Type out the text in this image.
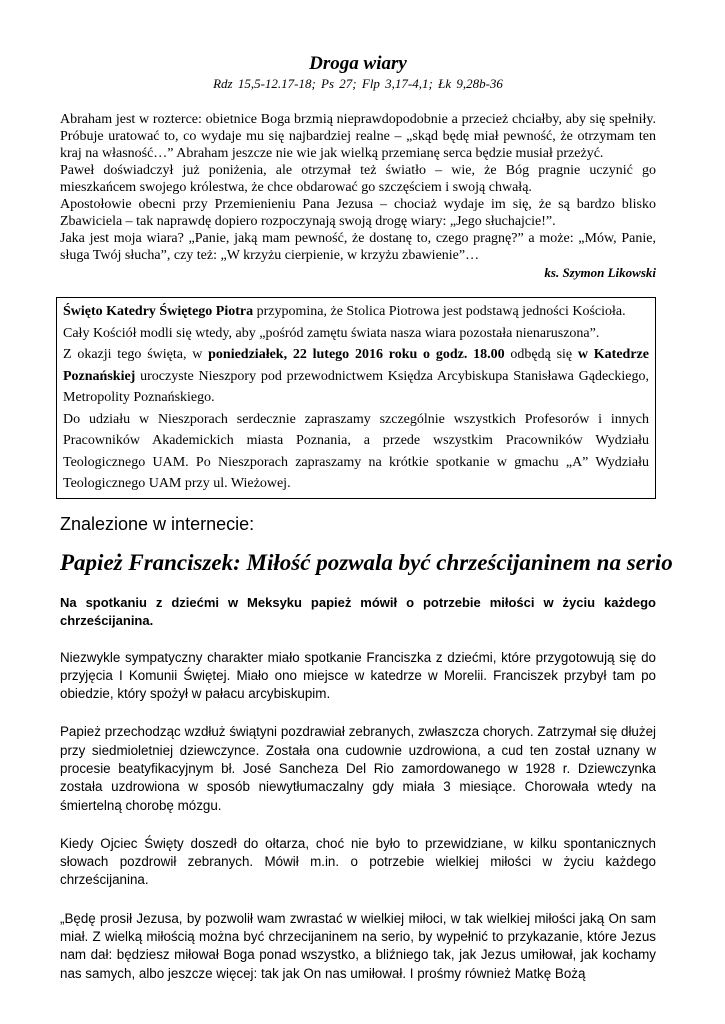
Droga wiary
Rdz 15,5-12.17-18; Ps 27; Flp 3,17-4,1; Łk 9,28b-36

Abraham jest w rozterce: obietnice Boga brzmią nieprawdopodobnie a przecież chciałby, aby się spełniły. Próbuje uratować to, co wydaje mu się najbardziej realne – „skąd będę miał pewność, że otrzymam ten kraj na własność…” Abraham jeszcze nie wie jak wielką przemianę serca będzie musiał przeżyć.

Paweł doświadczył już poniżenia, ale otrzymał też światło – wie, że Bóg pragnie uczynić go mieszkańcem swojego królestwa, że chce obdarować go szczęściem i swoją chwałą.

Apostołowie obecni przy Przemienieniu Pana Jezusa – chociaż wydaje im się, że są bardzo blisko Zbawiciela – tak naprawdę dopiero rozpoczynają swoją drogę wiary: „Jego słuchajcie!”.

Jaka jest moja wiara? „Panie, jaką mam pewność, że dostanę to, czego pragnę?” a może: „Mów, Panie, sługa Twój słucha”, czy też: „W krzyżu cierpienie, w krzyżu zbawienie”…

ks. Szymon Likowski

Święto Katedry Świętego Piotra przypomina, że Stolica Piotrowa jest podstawą jedności Kościoła.

Cały Kościół modli się wtedy, aby „pośród zamętu świata nasza wiara pozostała nienaruszona”.

Z okazji tego święta, w poniedziałek, 22 lutego 2016 roku o godz. 18.00 odbędą się w Katedrze Poznańskiej uroczyste Nieszpory pod przewodnictwem Księdza Arcybiskupa Stanisława Gądeckiego, Metropolity Poznańskiego.

Do udziału w Nieszporach serdecznie zapraszamy szczególnie wszystkich Profesorów i innych Pracowników Akademickich miasta Poznania, a przede wszystkim Pracowników Wydziału Teologicznego UAM. Po Nieszporach zapraszamy na krótkie spotkanie w gmachu „A” Wydziału Teologicznego UAM przy ul. Wieżowej.

Znalezione w internecie:
Papież Franciszek: Miłość pozwala być chrześcijaninem na serio
Na spotkaniu z dziećmi w Meksyku papież mówił o potrzebie miłości w życiu każdego chrześcijanina.

Niezwykle sympatyczny charakter miało spotkanie Franciszka z dziećmi, które przygotowują się do przyjęcia I Komunii Świętej. Miało ono miejsce w katedrze w Morelii. Franciszek przybył tam po obiedzie, który spożył w pałacu arcybiskupim.

Papież przechodząc wzdłuż świątyni pozdrawiał zebranych, zwłaszcza chorych. Zatrzymał się dłużej przy siedmioletniej dziewczynce. Została ona cudownie uzdrowiona, a cud ten został uznany w procesie beatyfikacyjnym bł. José Sancheza Del Rio zamordowanego w 1928 r. Dziewczynka została uzdrowiona w sposób niewytłumaczalny gdy miała 3 miesiące. Chorowała wtedy na śmiertelną chorobę mózgu.

Kiedy Ojciec Święty doszedł do ołtarza, choć nie było to przewidziane, w kilku spontanicznych słowach pozdrowił zebranych. Mówił m.in. o potrzebie wielkiej miłości w życiu każdego chrześcijanina.

„Będę prosił Jezusa, by pozwolił wam zwrastać w wielkiej miłoci, w tak wielkiej miłości jaką On sam miał. Z wielką miłością można być chrzecijaninem na serio, by wypełnić to przykazanie, które Jezus nam dał: będziesz miłował Boga ponad wszystko, a bliźniego tak, jak Jezus umiłował, jak kochamy nas samych, albo jeszcze więcej: tak jak On nas umiłował. I prośmy również Matkę Bożą
